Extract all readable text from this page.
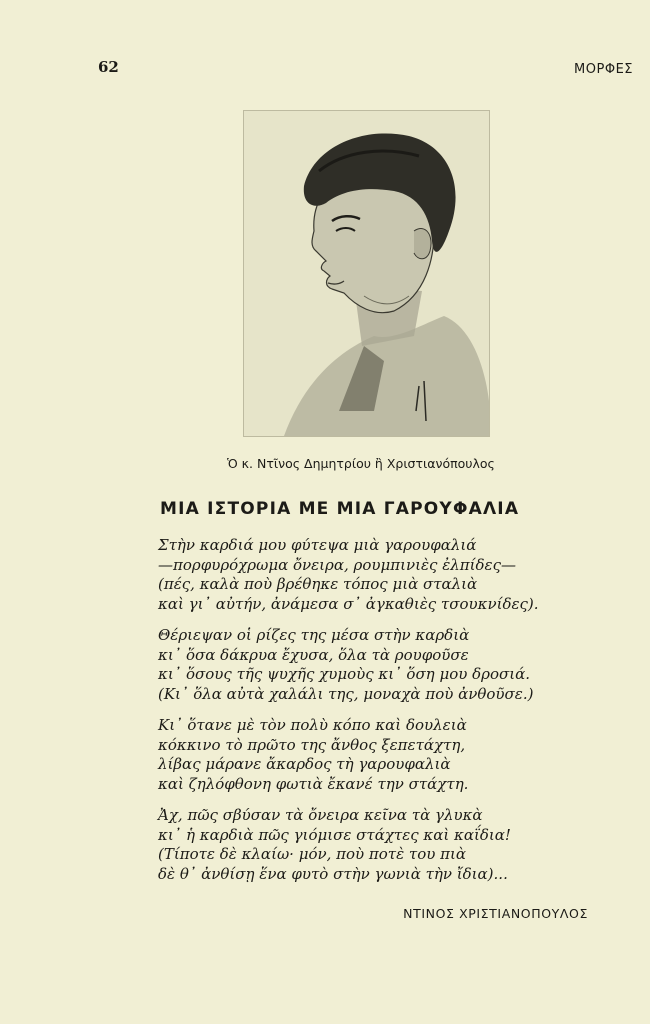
62	ΜΟΡΦΕΣ
Ὁ κ. Ντῖνος Δημητρίου ἢ Χριστιανόπουλος
ΜΙΑ ΙΣΤΟΡΙΑ ΜΕ ΜΙΑ ΓΑΡΟΥΦΑΛΙΑ
Στὴν καρδιά μου φύτεψα μιὰ γαρουφαλιά
—πορφυρόχρωμα ὄνειρα, ρουμπινιὲς ἐλπίδες—
(πές, καλὰ ποὺ βρέθηκε τόπος μιὰ σταλιὰ
καὶ γι᾽ αὐτήν, ἀνάμεσα σ᾽ ἀγκαθιὲς τσουκνίδες).
Θέριεψαν οἱ ρίζες της μέσα στὴν καρδιὰ
κι᾽ ὅσα δάκρυα ἔχυσα, ὅλα τὰ ρουφοῦσε
κι᾽ ὅσους τῆς ψυχῆς χυμοὺς κι᾽ ὅση μου δροσιά.
(Κι᾽ ὅλα αὐτὰ χαλάλι της, μοναχὰ ποὺ ἀνθοῦσε.)
Κι᾽ ὅτανε μὲ τὸν πολὺ κόπο καὶ δουλειὰ
κόκκινο τὸ πρῶτο της ἄνθος ξεπετάχτη,
λίβας μάρανε ἄκαρδος τὴ γαρουφαλιὰ
καὶ ζηλόφθονη φωτιὰ ἔκανέ την στάχτη.
Ἀχ, πῶς σβύσαν τὰ ὄνειρα κεῖνα τὰ γλυκὰ
κι᾽ ἡ καρδιὰ πῶς γιόμισε στάχτες καὶ καΐδια!
(Τίποτε δὲ κλαίω· μόν, ποὺ ποτὲ του πιὰ
δὲ θ᾽ ἀνθίσῃ ἕνα φυτὸ στὴν γωνιὰ τὴν ἴδια)...
ΝΤΙΝΟΣ ΧΡΙΣΤΙΑΝΟΠΟΥΛΟΣ
